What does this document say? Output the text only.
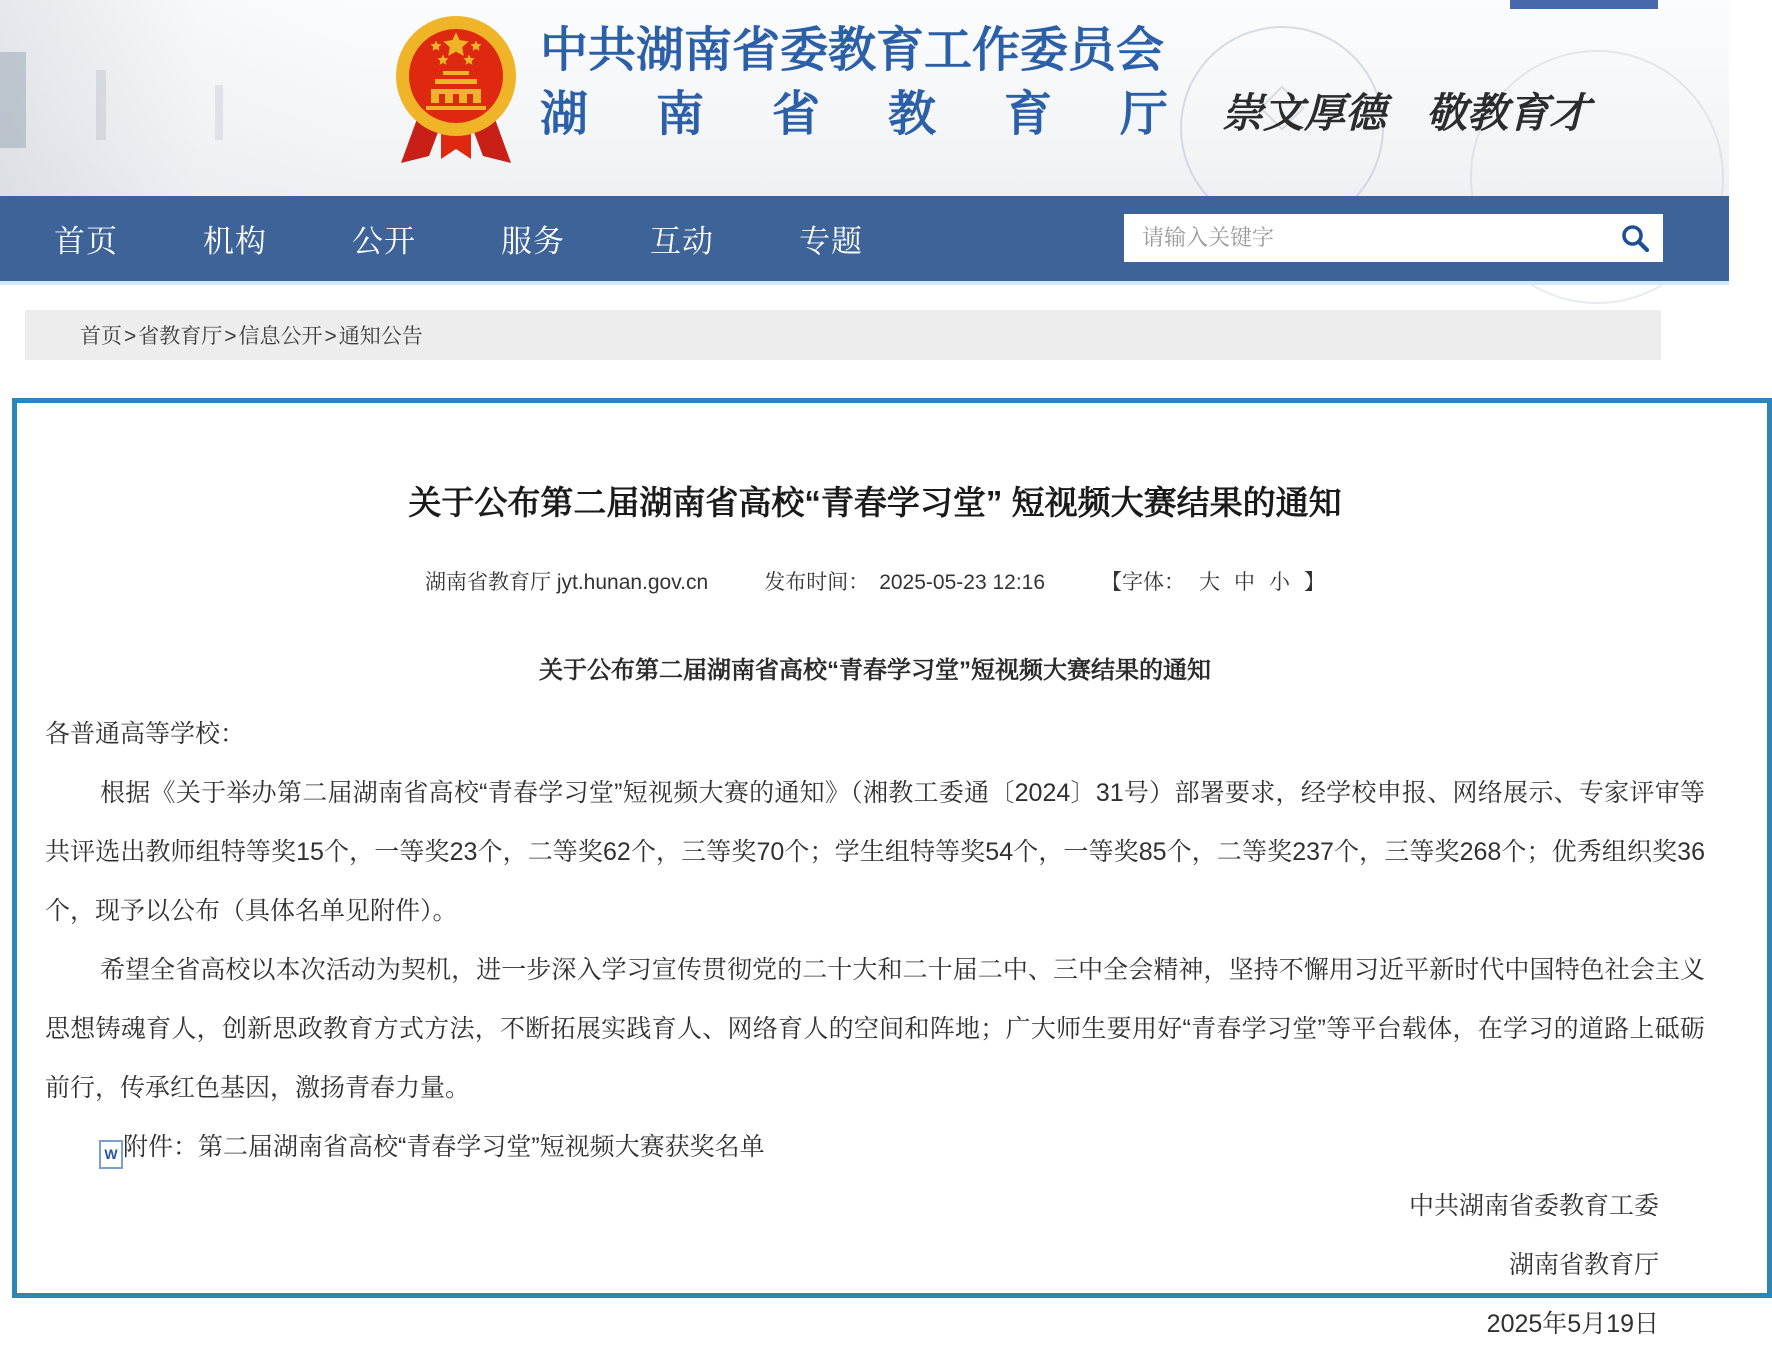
中共湖南省委教育工作委员会
湖南省教育厅 崇文厚德 敬教育才
首页	机构	公开	服务	互动	专题
请输入关键字
首页> 省教育厅> 信息公开> 通知公告
关于公布第二届湖南省高校“青春学习堂” 短视频大赛结果的通知
湖南省教育厅 jyt.hunan.gov.cn	发布时间： 2025-05-23 12:16	【字体： 大 中 小 】
关于公布第二届湖南省高校“青春学习堂”短视频大赛结果的通知

各普通高等学校：

根据《关于举办第二届湖南省高校“青春学习堂”短视频大赛的通知》（湘教工委通〔2024〕31号）部署要求，经学校申报、网络展示、专家评审等共评选出教师组特等奖15个，一等奖23个，二等奖62个，三等奖70个；学生组特等奖54个，一等奖85个，二等奖237个，三等奖268个；优秀组织奖36个，现予以公布（具体名单见附件）。

希望全省高校以本次活动为契机，进一步深入学习宣传贯彻党的二十大和二十届二中、三中全会精神，坚持不懈用习近平新时代中国特色社会主义思想铸魂育人，创新思政教育方式方法，不断拓展实践育人、网络育人的空间和阵地；广大师生要用好“青春学习堂”等平台载体，在学习的道路上砥砺前行，传承红色基因，激扬青春力量。

W 附件：第二届湖南省高校“青春学习堂”短视频大赛获奖名单

中共湖南省委教育工委
湖南省教育厅
2025年5月19日
